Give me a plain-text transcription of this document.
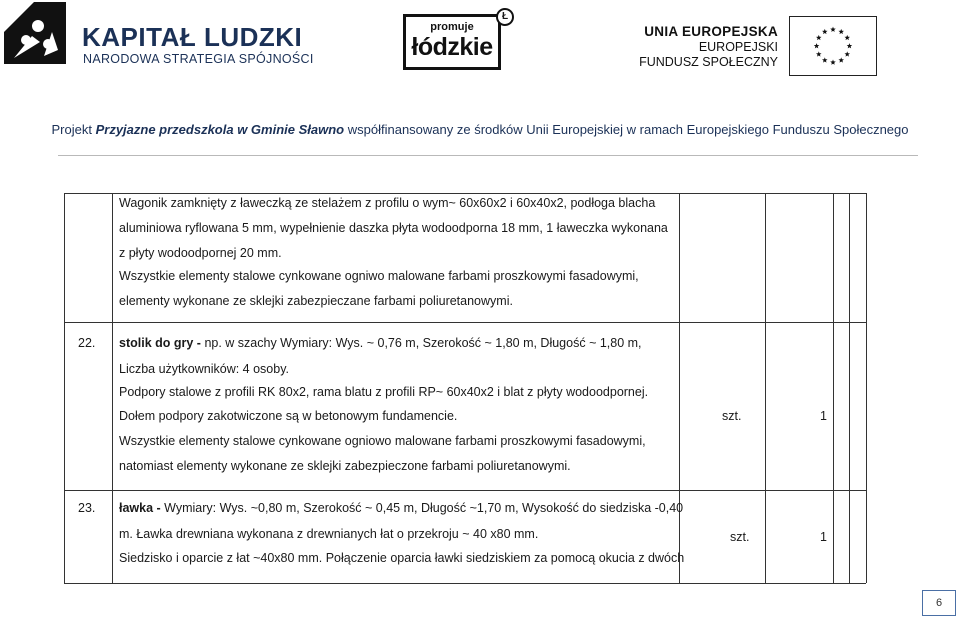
KAPITAŁ LUDZKI
NARODOWA STRATEGIA SPÓJNOŚCI
promuje
łódzkie
Ł
UNIA EUROPEJSKA
EUROPEJSKI
FUNDUSZ SPOŁECZNY
Projekt Przyjazne przedszkola w Gminie Sławno współfinansowany ze środków Unii Europejskiej w ramach Europejskiego Funduszu Społecznego
Wagonik zamknięty z ławeczką ze stelażem z profilu o wym~ 60x60x2 i 60x40x2, podłoga blacha
aluminiowa ryflowana 5 mm, wypełnienie daszka płyta wodoodporna 18 mm, 1 ławeczka wykonana
z płyty wodoodpornej 20 mm.
Wszystkie elementy stalowe cynkowane ogniwo malowane farbami proszkowymi fasadowymi,
elementy wykonane ze sklejki zabezpieczane farbami poliuretanowymi.
22. stolik do gry - np. w szachy Wymiary: Wys. ~ 0,76 m, Szerokość ~ 1,80 m, Długość ~ 1,80 m,
Liczba użytkowników: 4 osoby.
Podpory stalowe z profili RK 80x2, rama blatu z profili RP~ 60x40x2 i blat z płyty wodoodpornej.
Dołem podpory zakotwiczone są w betonowym fundamencie.
Wszystkie elementy stalowe cynkowane ogniowo malowane farbami proszkowymi fasadowymi,
natomiast elementy wykonane ze sklejki zabezpieczone farbami poliuretanowymi.
szt.	1
23. ławka - Wymiary: Wys. ~0,80 m, Szerokość ~ 0,45 m, Długość ~1,70 m, Wysokość do siedziska -0,40
m. Ławka drewniana wykonana z drewnianych łat o przekroju ~ 40 x80 mm.
Siedzisko i oparcie z łat ~40x80 mm. Połączenie oparcia ławki siedziskiem za pomocą okucia z dwóch
szt.	1
6
